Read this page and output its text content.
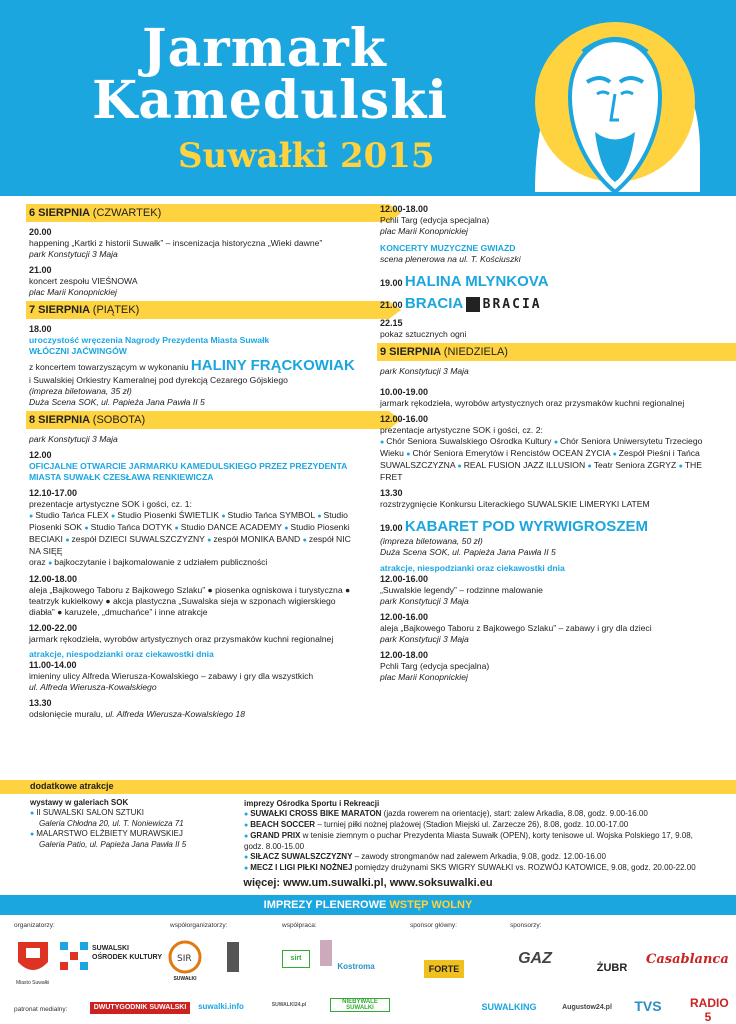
Jarmark
Kamedulski
Suwałki 2015
6 SIERPNIA (CZWARTEK)
20.00
happening „Kartki z historii Suwałk” – inscenizacja historyczna „Wieki dawne”
park Konstytucji 3 Maja
21.00
koncert zespołu VIEŚNOWA
plac Marii Konopnickiej
7 SIERPNIA (PIĄTEK)
18.00
uroczystość wręczenia Nagrody Prezydenta Miasta Suwałk
WŁÓCZNI JAĆWINGÓW
z koncertem towarzyszącym w wykonaniu HALINY FRĄCKOWIAK
i Suwalskiej Orkiestry Kameralnej pod dyrekcją Cezarego Gójskiego
(impreza biletowana, 35 zł)
Duża Scena SOK, ul. Papieża Jana Pawła II 5
8 SIERPNIA (SOBOTA)
park Konstytucji 3 Maja
12.00
OFICJALNE OTWARCIE JARMARKU KAMEDULSKIEGO PRZEZ PREZYDENTA MIASTA SUWAŁK CZESŁAWA RENKIEWICZA
12.10-17.00
prezentacje artystyczne SOK i gości, cz. 1:
● Studio Tańca FLEX ● Studio Piosenki ŚWIETLIK ● Studio Tańca SYMBOL ● Studio Piosenki SOK ● Studio Tańca DOTYK ● Studio DANCE ACADEMY ● Studio Piosenki BECIAKI ● zespół DZIECI SUWALSZCZYZNY ● zespół MONIKA BAND ● zespół NIC NA SIĘĘ
oraz ● bajkoczytanie i bajkomalowanie z udziałem publiczności
12.00-18.00
aleja „Bajkowego Taboru z Bajkowego Szlaku” ● piosenka ogniskowa i turystyczna ● teatrzyk kukiełkowy ● akcja plastyczna „Suwalska sieja w szponach wigierskiego diabła” ● karuzele, „dmuchańce” i inne atrakcje
12.00-22.00
jarmark rękodzieła, wyrobów artystycznych oraz przysmaków kuchni regionalnej
atrakcje, niespodzianki oraz ciekawostki dnia
11.00-14.00
imieniny ulicy Alfreda Wierusza-Kowalskiego – zabawy i gry dla wszystkich
ul. Alfreda Wierusza-Kowalskiego
13.30
odsłonięcie muralu, ul. Alfreda Wierusza-Kowalskiego 18
12.00-18.00
Pchli Targ (edycja specjalna)
plac Marii Konopnickiej
KONCERTY MUZYCZNE GWIAZD
scena plenerowa na ul. T. Kościuszki
19.00 HALINA MLYNKOVA
21.00 BRACIA BRACIA
22.15
pokaz sztucznych ogni
9 SIERPNIA (NIEDZIELA)
park Konstytucji 3 Maja
10.00-19.00
jarmark rękodzieła, wyrobów artystycznych oraz przysmaków kuchni regionalnej
12.00-16.00
prezentacje artystyczne SOK i gości, cz. 2:
● Chór Seniora Suwalskiego Ośrodka Kultury ● Chór Seniora Uniwersytetu Trzeciego Wieku ● Chór Seniora Emerytów i Rencistów OCEAN ŻYCIA ● Zespół Pieśni i Tańca SUWALSZCZYZNA ● REAL FUSION JAZZ ILLUSION ● Teatr Seniora ZGRYZ ● THE FRET
13.30
rozstrzygnięcie Konkursu Literackiego SUWALSKIE LIMERYKI LATEM
19.00 KABARET POD WYRWIGROSZEM
(impreza biletowana, 50 zł)
Duża Scena SOK, ul. Papieża Jana Pawła II 5
atrakcje, niespodzianki oraz ciekawostki dnia
12.00-16.00
„Suwalskie legendy” – rodzinne malowanie
park Konstytucji 3 Maja
12.00-16.00
aleja „Bajkowego Taboru z Bajkowego Szlaku” – zabawy i gry dla dzieci
park Konstytucji 3 Maja
12.00-18.00
Pchli Targ (edycja specjalna)
plac Marii Konopnickiej
dodatkowe atrakcje
wystawy w galeriach SOK
● II SUWALSKI SALON SZTUKI
Galeria Chłodna 20, ul. T. Noniewicza 71
● MALARSTWO ELŻBIETY MURAWSKIEJ
Galeria Patio, ul. Papieża Jana Pawła II 5
imprezy Ośrodka Sportu i Rekreacji
● SUWAŁKI CROSS BIKE MARATON (jazda rowerem na orientację), start: zalew Arkadia, 8.08, godz. 9.00-16.00
● BEACH SOCCER – turniej piłki nożnej plażowej (Stadion Miejski ul. Zarzecze 26), 8.08, godz. 10.00-17.00
● GRAND PRIX w tenisie ziemnym o puchar Prezydenta Miasta Suwałk (OPEN), korty tenisowe ul. Wojska Polskiego 17, 9.08, godz. 8.00-15.00
● SIŁACZ SUWALSZCZYZNY – zawody strongmanów nad zalewem Arkadia, 9.08, godz. 12.00-16.00
● MECZ I LIGI PIŁKI NOŻNEJ pomiędzy drużynami SKS WIGRY SUWAŁKI vs. ROZWÓJ KATOWICE, 9.08, godz. 20.00-22.00
więcej: www.um.suwalki.pl, www.soksuwalki.eu
IMPREZY PLENEROWE WSTĘP WOLNY
organizatorzy:	współorganizatorzy:	współpraca:	sponsor główny:	sponsorzy:
patronat medialny:
Miasto Suwałki
SUWALSKI OŚRODEK KULTURY SIR
SUWAŁKI
sirt
Kostroma	FORTE
GAZ
ŻUBR
Casablanca
DWUTYGODNIK SUWALSKI	suwalki.info	SUWALKI24.pl	NIEBYWALE SUWALKI	SUWALKING	Augustow24.pl	TVS	RADIO 5
